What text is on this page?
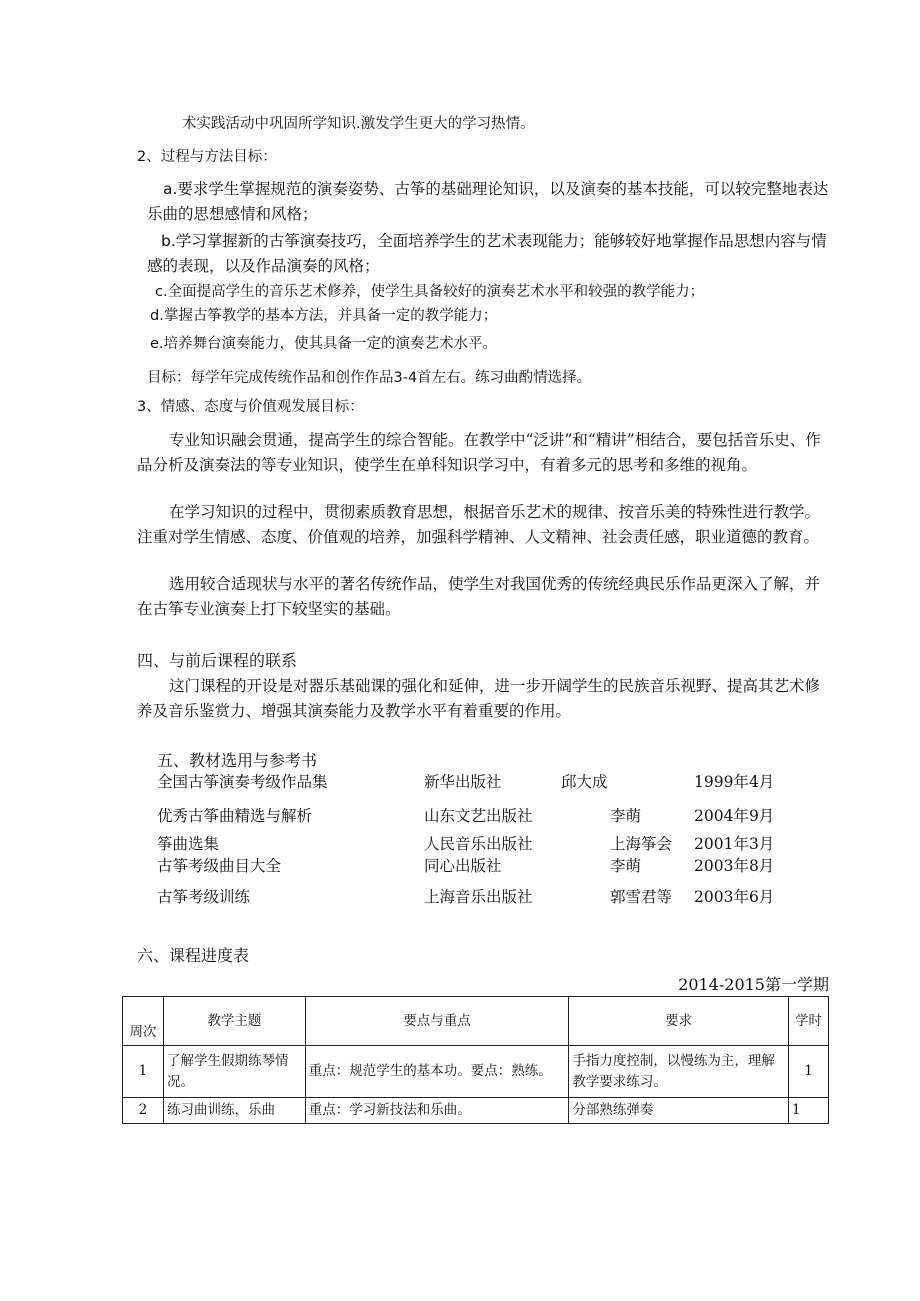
术实践活动中巩固所学知识.激发学生更大的学习热情。
2、过程与方法目标：
a.要求学生掌握规范的演奏姿势、古筝的基础理论知识，以及演奏的基本技能，可以较完整地表达乐曲的思想感情和风格；
b.学习掌握新的古筝演奏技巧，全面培养学生的艺术表现能力；能够较好地掌握作品思想内容与情感的表现，以及作品演奏的风格；
c.全面提高学生的音乐艺术修养，使学生具备较好的演奏艺术水平和较强的教学能力；
d.掌握古筝教学的基本方法，并具备一定的教学能力；
e.培养舞台演奏能力，使其具备一定的演奏艺术水平。
目标：每学年完成传统作品和创作作品3-4首左右。练习曲酌情选择。
3、情感、态度与价值观发展目标：
专业知识融会贯通，提高学生的综合智能。在教学中“泛讲”和“精讲”相结合，要包括音乐史、作品分析及演奏法的等专业知识，使学生在单科知识学习中，有着多元的思考和多维的视角。
在学习知识的过程中，贯彻素质教育思想，根据音乐艺术的规律、按音乐美的特殊性进行教学。注重对学生情感、态度、价值观的培养，加强科学精神、人文精神、社会责任感，职业道德的教育。
选用较合适现状与水平的著名传统作品，使学生对我国优秀的传统经典民乐作品更深入了解，并在古筝专业演奏上打下较坚实的基础。
四、与前后课程的联系
这门课程的开设是对器乐基础课的强化和延伸，进一步开阔学生的民族音乐视野、提高其艺术修养及音乐鉴赏力、增强其演奏能力及教学水平有着重要的作用。
五、教材选用与参考书
全国古筝演奏考级作品集	新华出版社	邱大成	1999年4月
优秀古筝曲精选与解析	山东文艺出版社	李萌	2004年9月
筝曲选集	人民音乐出版社	上海筝会 2001年3月
古筝考级曲目大全	同心出版社	李萌	2003年8月
古筝考级训练	上海音乐出版社	郭雪君等 2003年6月
六、课程进度表
2014-2015第一学期
周次	教学主题	要点与重点	要求	学时
1	了解学生假期练琴情况。	重点：规范学生的基本功。要点：熟练。	手指力度控制，以慢练为主，理解教学要求练习。	1
2	练习曲训练，乐曲	重点：学习新技法和乐曲。	分部熟练弹奏	1
